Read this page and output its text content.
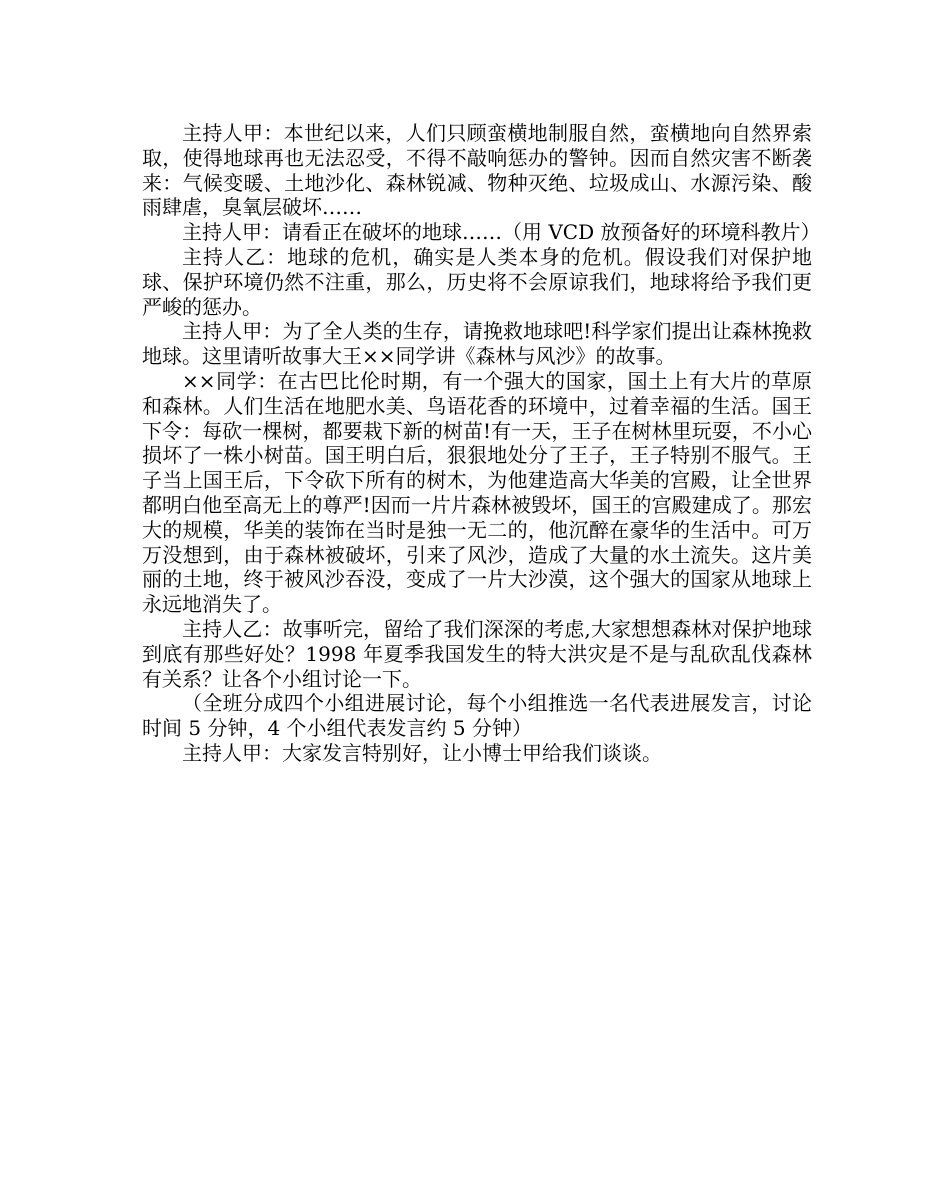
主持人甲：本世纪以来，人们只顾蛮横地制服自然，蛮横地向自然界索取，使得地球再也无法忍受，不得不敲响惩办的警钟。因而自然灾害不断袭来：气候变暖、土地沙化、森林锐减、物种灭绝、垃圾成山、水源污染、酸雨肆虐，臭氧层破坏……

主持人甲：请看正在破坏的地球……（用 VCD 放预备好的环境科教片）

主持人乙：地球的危机，确实是人类本身的危机。假设我们对保护地球、保护环境仍然不注重，那么，历史将不会原谅我们，地球将给予我们更严峻的惩办。

主持人甲：为了全人类的生存，请挽救地球吧!科学家们提出让森林挽救地球。这里请听故事大王××同学讲《森林与风沙》的故事。

××同学：在古巴比伦时期，有一个强大的国家，国土上有大片的草原和森林。人们生活在地肥水美、鸟语花香的环境中，过着幸福的生活。国王下令：每砍一棵树，都要栽下新的树苗!有一天，王子在树林里玩耍，不小心损坏了一株小树苗。国王明白后，狠狠地处分了王子，王子特别不服气。王子当上国王后，下令砍下所有的树木，为他建造高大华美的宫殿，让全世界都明白他至高无上的尊严!因而一片片森林被毁坏，国王的宫殿建成了。那宏大的规模，华美的装饰在当时是独一无二的，他沉醉在豪华的生活中。可万万没想到，由于森林被破坏，引来了风沙，造成了大量的水土流失。这片美丽的土地，终于被风沙吞没，变成了一片大沙漠，这个强大的国家从地球上永远地消失了。

主持人乙：故事听完，留给了我们深深的考虑,大家想想森林对保护地球到底有那些好处？1998 年夏季我国发生的特大洪灾是不是与乱砍乱伐森林有关系？让各个小组讨论一下。

（全班分成四个小组进展讨论，每个小组推选一名代表进展发言，讨论时间 5 分钟，4 个小组代表发言约 5 分钟）

主持人甲：大家发言特别好，让小博士甲给我们谈谈。
